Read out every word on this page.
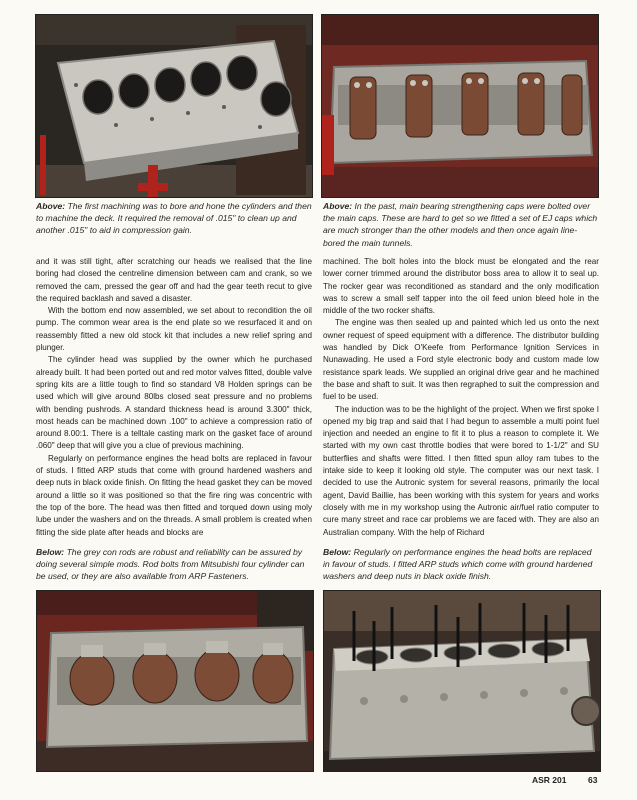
Above: The first machining was to bore and hone the cylinders and then to machine the deck. It required the removal of .015" to clean up and another .015" to aid in compression gain.
Above: In the past, main bearing strengthening caps were bolted over the main caps. These are hard to get so we fitted a set of EJ caps which are much stronger than the other models and then once again line-bored the main tunnels.

and it was still tight, after scratching our heads we realised that the line boring had closed the centreline dimension between cam and crank, so we removed the cam, pressed the gear off and had the gear teeth recut to give the required backlash and saved a disaster.

With the bottom end now assembled, we set about to recondition the oil pump. The common wear area is the end plate so we resurfaced it and on reassembly fitted a new old stock kit that includes a new relief spring and plunger.

The cylinder head was supplied by the owner which he purchased already built. It had been ported out and red motor valves fitted, double valve spring kits are a little tough to find so standard V8 Holden springs can be used which will give around 80lbs closed seat pressure and no problems with bending pushrods. A standard thickness head is around 3.300" thick, most heads can be machined down .100" to achieve a compression ratio of around 8.00:1. There is a telltale casting mark on the gasket face of around .060" deep that will give you a clue of previous machining.

Regularly on performance engines the head bolts are replaced in favour of studs. I fitted ARP studs that come with ground hardened washers and deep nuts in black oxide finish. On fitting the head gasket they can be moved around a little so it was positioned so that the fire ring was concentric with the top of the bore. The head was then fitted and torqued down using moly lube under the washers and on the threads. A small problem is created when fitting the side plate after heads and blocks are

machined. The bolt holes into the block must be elongated and the rear lower corner trimmed around the distributor boss area to allow it to seal up. The rocker gear was reconditioned as standard and the only modification was to screw a small self tapper into the oil feed union bleed hole in the middle of the two rocker shafts.

The engine was then sealed up and painted which led us onto the next owner request of speed equipment with a difference. The distributor building was handled by Dick O'Keefe from Performance Ignition Services in Nunawading. He used a Ford style electronic body and custom made low resistance spark leads. We supplied an original drive gear and he machined the base and shaft to suit. It was then regraphed to suit the compression and fuel to be used.

The induction was to be the highlight of the project. When we first spoke I opened my big trap and said that I had begun to assemble a multi point fuel injection and needed an engine to fit it to plus a reason to complete it. We started with my own cast throttle bodies that were bored to 1-1/2" and SU butterflies and shafts were fitted. I then fitted spun alloy ram tubes to the intake side to keep it looking old style. The computer was our next task. I decided to use the Autronic system for several reasons, primarily the local agent, David Baillie, has been working with this system for years and works closely with me in my workshop using the Autronic air/fuel ratio computer to cure many street and race car problems we are faced with. They are also an Australian company. With the help of Richard

Below: The grey con rods are robust and reliability can be assured by doing several simple mods. Rod bolts from Mitsubishi four cylinder can be used, or they are also available from ARP Fasteners.
Below: Regularly on performance engines the head bolts are replaced in favour of studs. I fitted ARP studs which come with ground hardened washers and deep nuts in black oxide finish.
ASR 201	63
